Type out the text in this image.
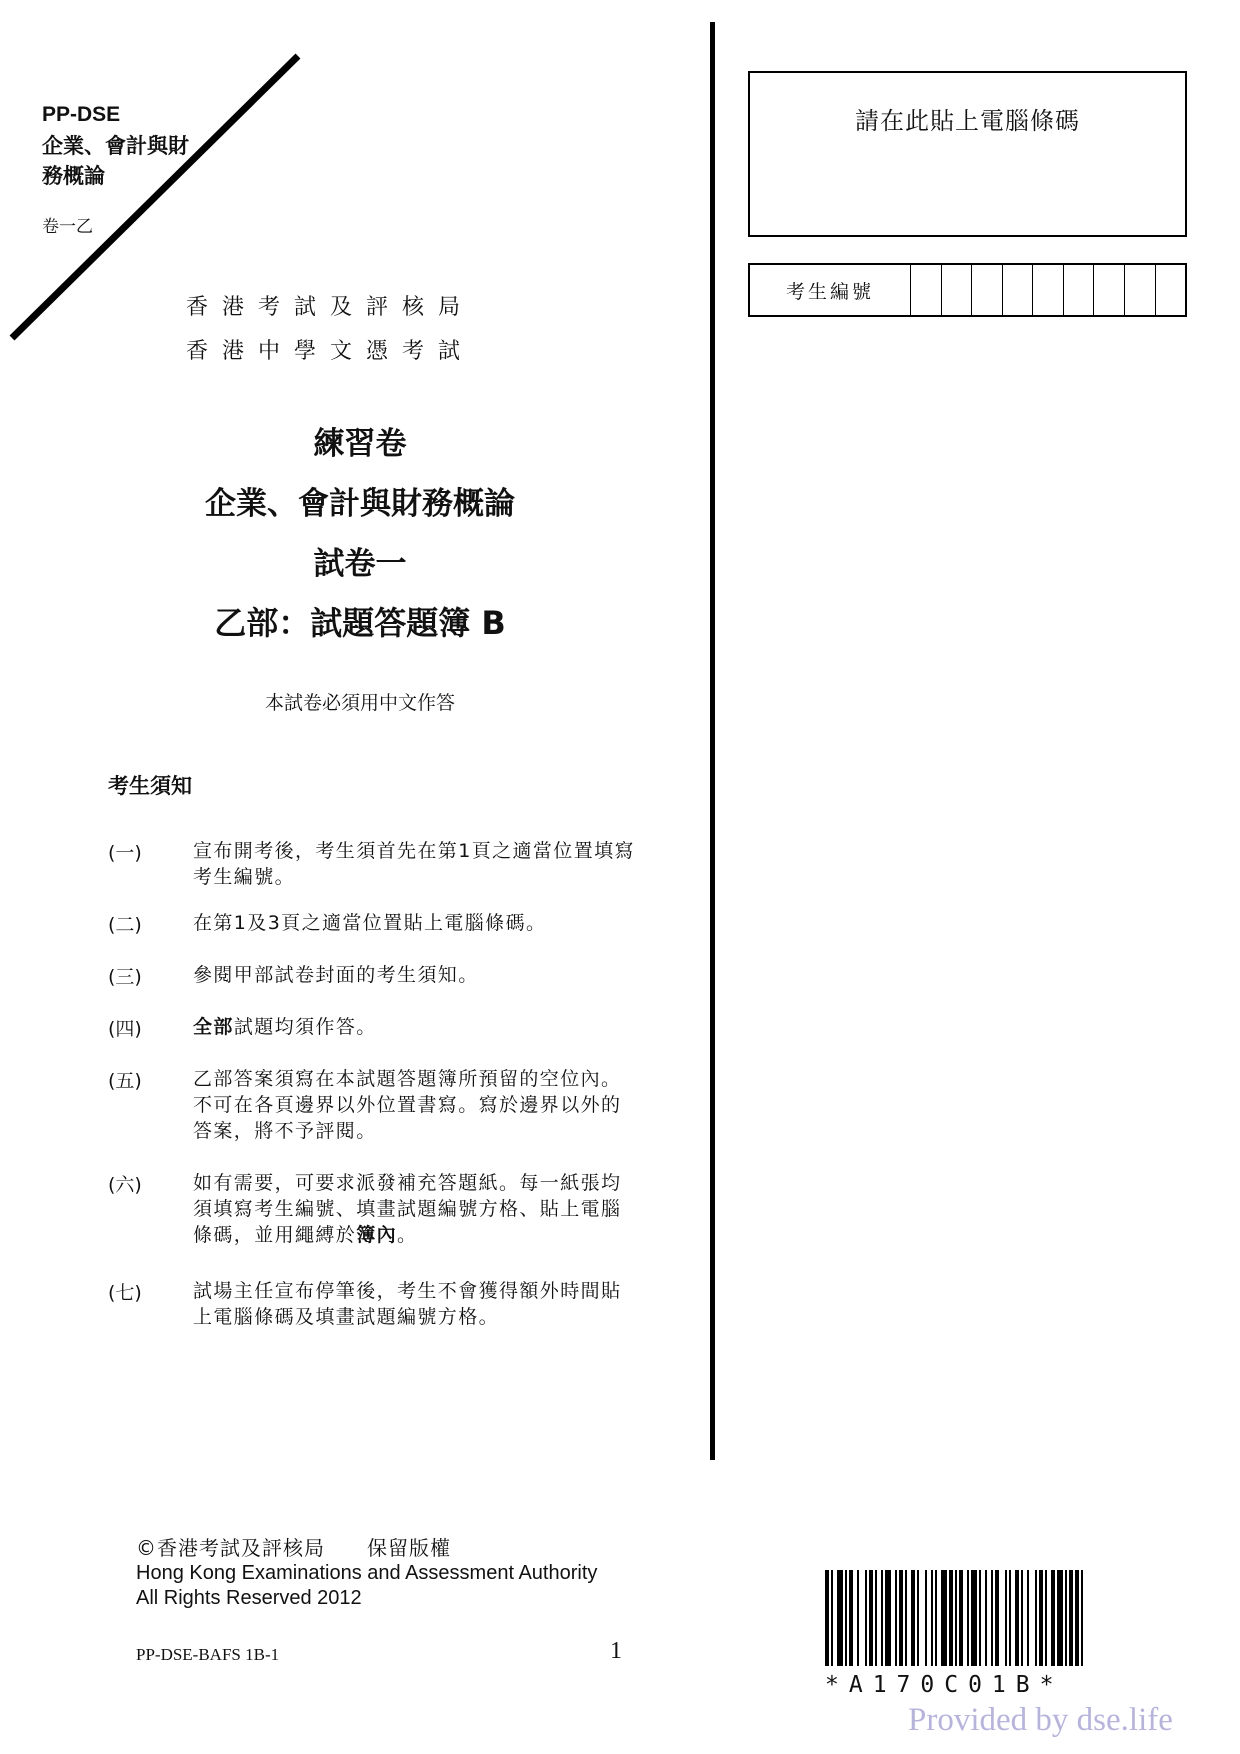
PP-DSE
企業、會計與財務概論
卷一乙
香港考試及評核局
香港中學文憑考試
練習卷
企業、會計與財務概論
試卷一
乙部：試題答題簿 B
本試卷必須用中文作答
考生須知
(一)	宣布開考後，考生須首先在第1頁之適當位置填寫考生編號。
(二)	在第1及3頁之適當位置貼上電腦條碼。
(三)	參閱甲部試卷封面的考生須知。
(四)	全部試題均須作答。
(五)	乙部答案須寫在本試題答題簿所預留的空位內。不可在各頁邊界以外位置書寫。寫於邊界以外的答案，將不予評閱。
(六)	如有需要，可要求派發補充答題紙。每一紙張均須填寫考生編號、填畫試題編號方格、貼上電腦條碼，並用繩縛於簿內。
(七)	試場主任宣布停筆後，考生不會獲得額外時間貼上電腦條碼及填畫試題編號方格。
請在此貼上電腦條碼
考生編號
©香港考試及評核局　　保留版權
Hong Kong Examinations and Assessment Authority
All Rights Reserved 2012
PP-DSE-BAFS 1B-1	1
*A170C01B*
Provided by dse.life
